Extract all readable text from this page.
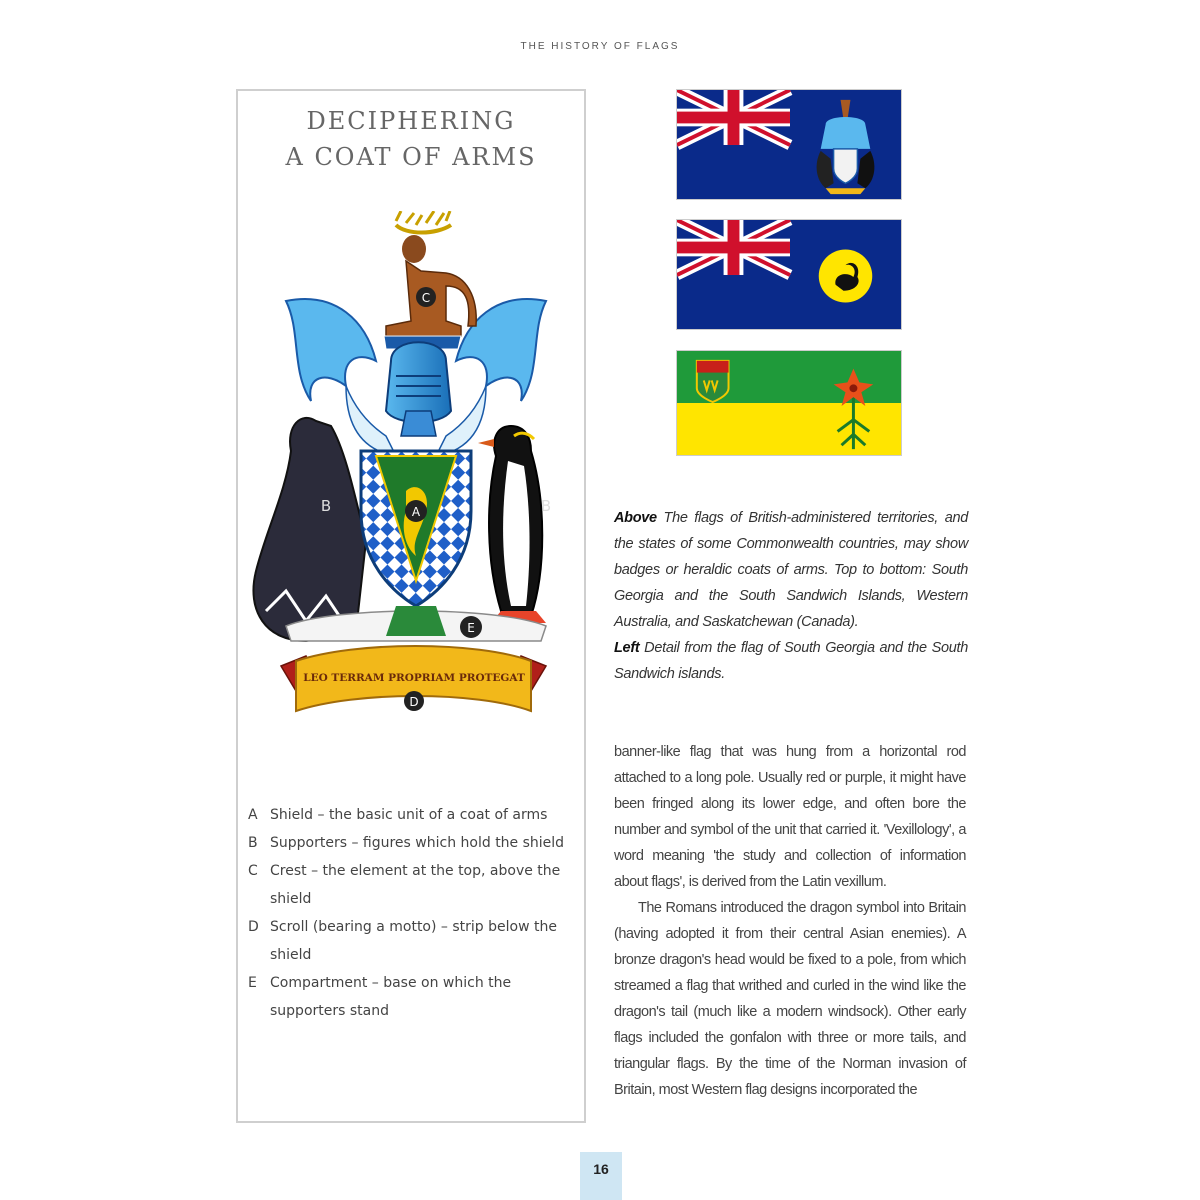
THE HISTORY OF FLAGS
DECIPHERING
A COAT OF ARMS
C
B	B
A
E
LEO TERRAM PROPRIAM PROTEGAT
D
A Shield – the basic unit of a coat of arms
B Supporters – figures which hold the shield
C Crest – the element at the top, above the shield
D Scroll (bearing a motto) – strip below the shield
E Compartment – base on which the supporters stand
Above The flags of British-administered territories, and the states of some Commonwealth countries, may show badges or heraldic coats of arms. Top to bottom: South Georgia and the South Sandwich Islands, Western Australia, and Saskatchewan (Canada).
Left Detail from the flag of South Georgia and the South Sandwich islands.

banner-like flag that was hung from a horizontal rod attached to a long pole. Usually red or purple, it might have been fringed along its lower edge, and often bore the number and symbol of the unit that carried it. 'Vexillology', a word meaning 'the study and collection of information about flags', is derived from the Latin vexillum.

The Romans introduced the dragon symbol into Britain (having adopted it from their central Asian enemies). A bronze dragon's head would be fixed to a pole, from which streamed a flag that writhed and curled in the wind like the dragon's tail (much like a modern windsock). Other early flags included the gonfalon with three or more tails, and triangular flags. By the time of the Norman invasion of Britain, most Western flag designs incorporated the

16
